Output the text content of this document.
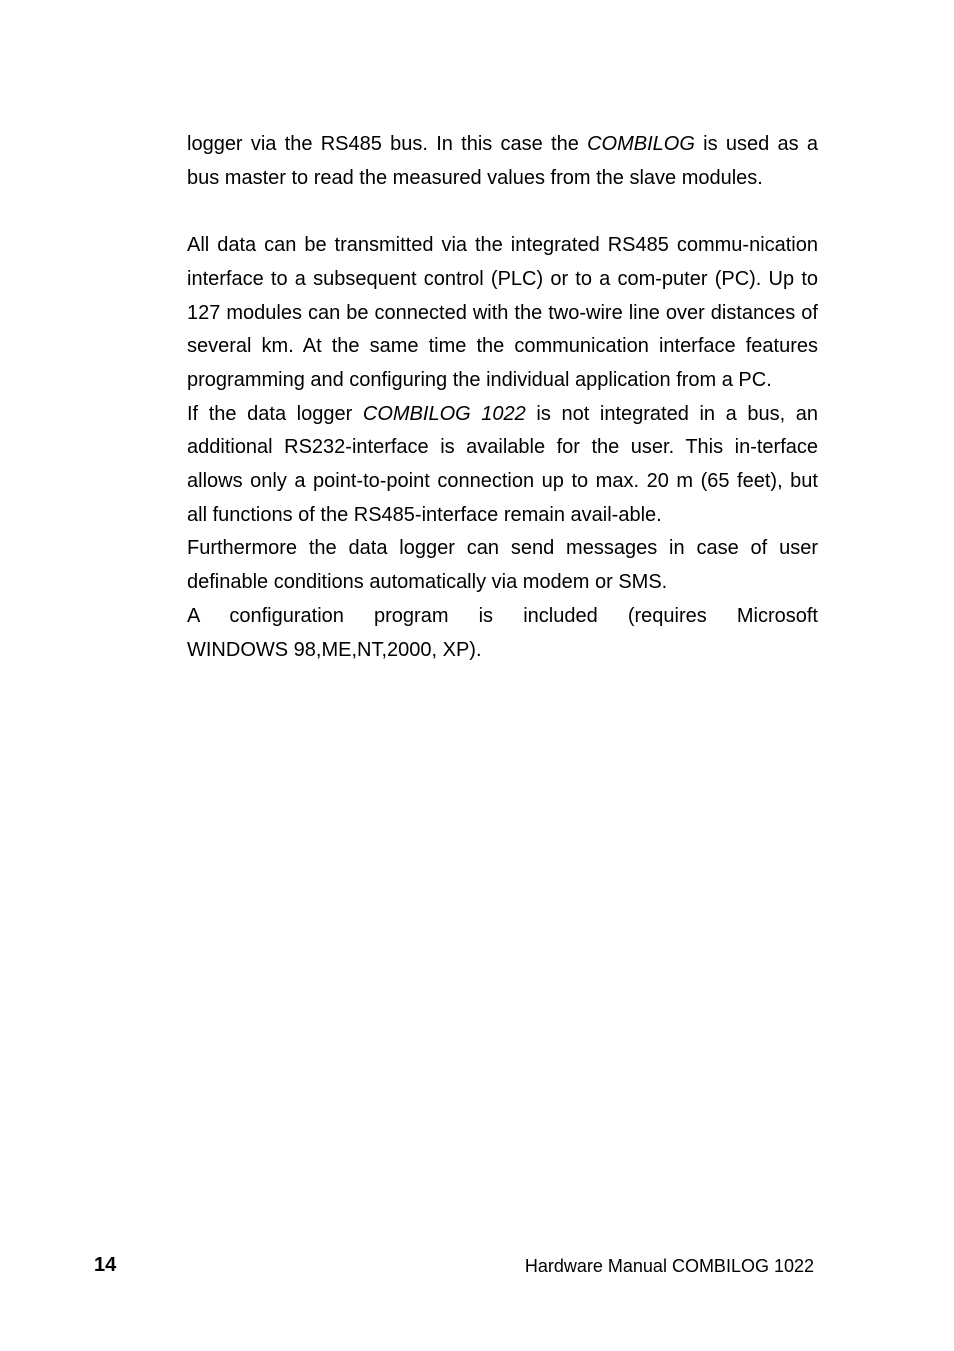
logger via the RS485 bus. In this case the COMBILOG is used as a bus master to read the measured values from the slave modules.

All data can be transmitted via the integrated RS485 commu-nication interface to a subsequent control (PLC) or to a com-puter (PC). Up to 127 modules can be connected with the two-wire line over distances of several km. At the same time the communication interface features programming and configuring the individual application from a PC.

If the data logger COMBILOG 1022 is not integrated in a bus, an additional RS232-interface is available for the user. This in-terface allows only a point-to-point connection up to max. 20 m (65 feet), but all functions of the RS485-interface remain avail-able.

Furthermore the data logger can send messages in case of user definable conditions automatically via modem or SMS.

A configuration program is included (requires Microsoft
WINDOWS 98,ME,NT,2000, XP).

14	Hardware Manual COMBILOG 1022
